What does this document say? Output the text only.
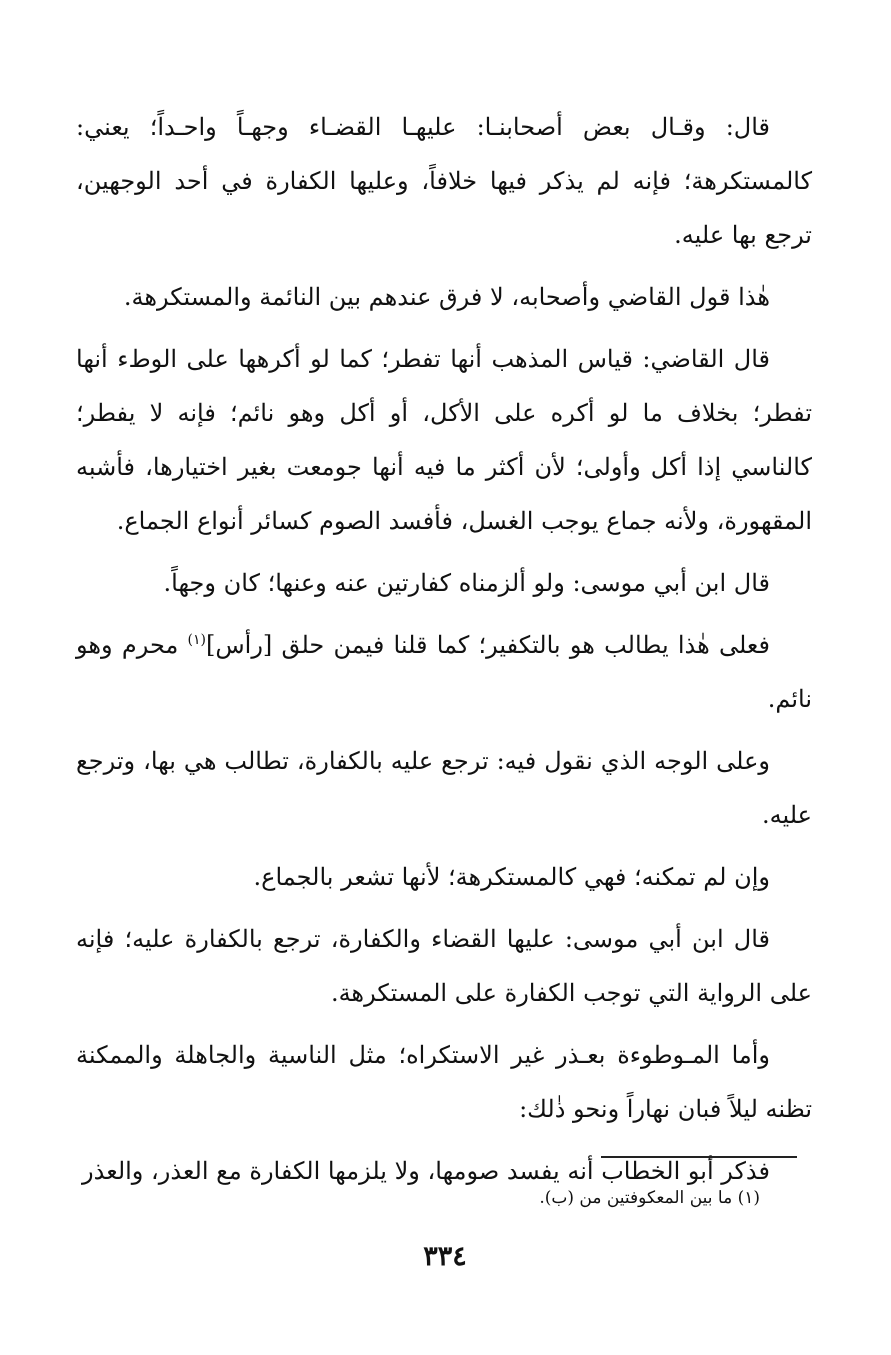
قال: وقـال بعض أصحابنـا: عليهـا القضـاء وجهـاً واحـداً؛ يعني: كالمستكرهة؛ فإنه لم يذكر فيها خلافاً، وعليها الكفارة في أحد الوجهين، ترجع بها عليه.

هٰذا قول القاضي وأصحابه، لا فرق عندهم بين النائمة والمستكرهة.

قال القاضي: قياس المذهب أنها تفطر؛ كما لو أكرهها على الوطء أنها تفطر؛ بخلاف ما لو أكره على الأكل، أو أكل وهو نائم؛ فإنه لا يفطر؛ كالناسي إذا أكل وأولى؛ لأن أكثر ما فيه أنها جومعت بغير اختيارها، فأشبه المقهورة، ولأنه جماع يوجب الغسل، فأفسد الصوم كسائر أنواع الجماع.

قال ابن أبي موسى: ولو ألزمناه كفارتين عنه وعنها؛ كان وجهاً.

فعلى هٰذا يطالب هو بالتكفير؛ كما قلنا فيمن حلق [رأس]$^{(١)}$ محرم وهو نائم.

وعلى الوجه الذي نقول فيه: ترجع عليه بالكفارة، تطالب هي بها، وترجع عليه.

وإن لم تمكنه؛ فهي كالمستكرهة؛ لأنها تشعر بالجماع.

قال ابن أبي موسى: عليها القضاء والكفارة، ترجع بالكفارة عليه؛ فإنه على الرواية التي توجب الكفارة على المستكرهة.

وأما المـوطوءة بعـذر غير الاستكراه؛ مثل الناسية والجاهلة والممكنة تظنه ليلاً فبان نهاراً ونحو ذٰلك:

فذكر أبو الخطاب أنه يفسد صومها، ولا يلزمها الكفارة مع العذر، والعذر

(١) ما بين المعكوفتين من (ب).
٣٣٤
